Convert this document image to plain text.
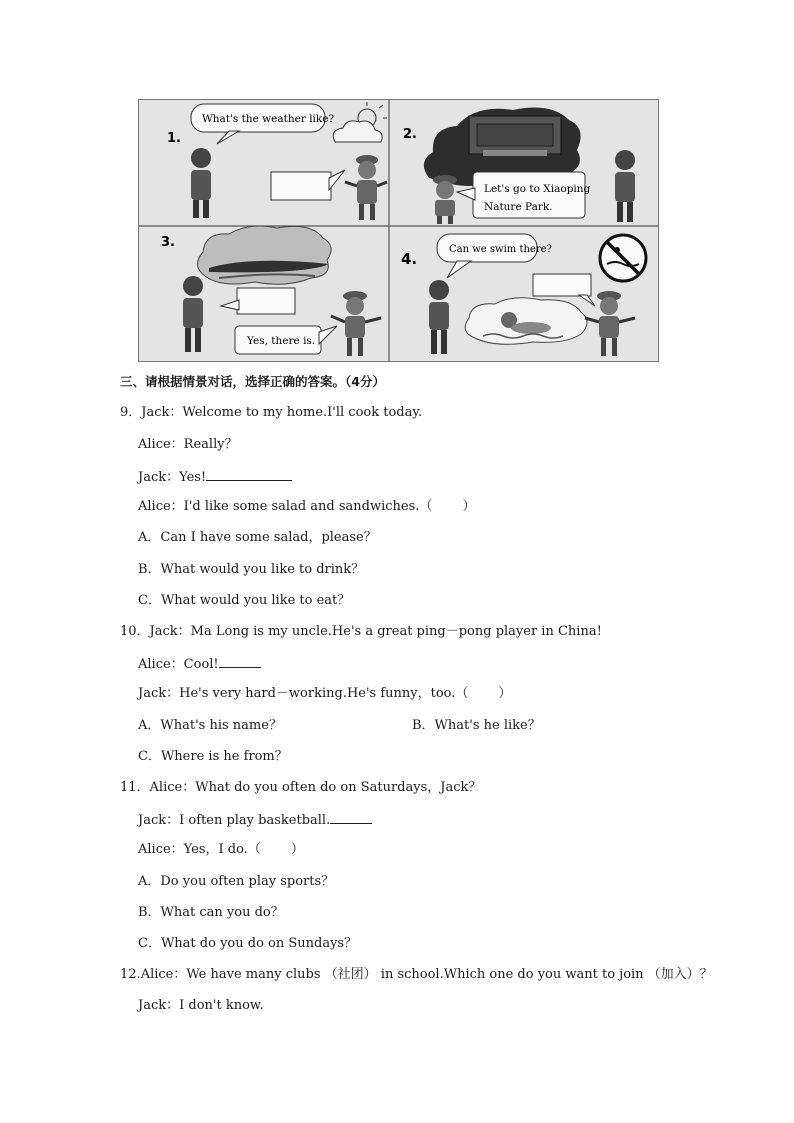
1.
What's the weather like?
2.
Let's go to Xiaoping
Nature Park.
3.
Yes, there is.
4.
Can we swim there?
三、请根据情景对话，选择正确的答案。（4分）
9．Jack：Welcome to my home.I'll cook today.
Alice：Really？
Jack：Yes!
Alice：I'd like some salad and sandwiches.（ ）
A．Can I have some salad，please？
B．What would you like to drink？
C．What would you like to eat？
10．Jack：Ma Long is my uncle.He's a great ping－pong player in China!
Alice：Cool!
Jack：He's very hard－working.He's funny，too.（ ）
A．What's his name？	B．What's he like？
C．Where is he from？
11．Alice：What do you often do on Saturdays，Jack？
Jack：I often play basketball.
Alice：Yes，I do.（ ）
A．Do you often play sports？
B．What can you do？
C．What do you do on Sundays？
12.Alice：We have many clubs （社团） in school.Which one do you want to join （加入）？
Jack：I don't know.
